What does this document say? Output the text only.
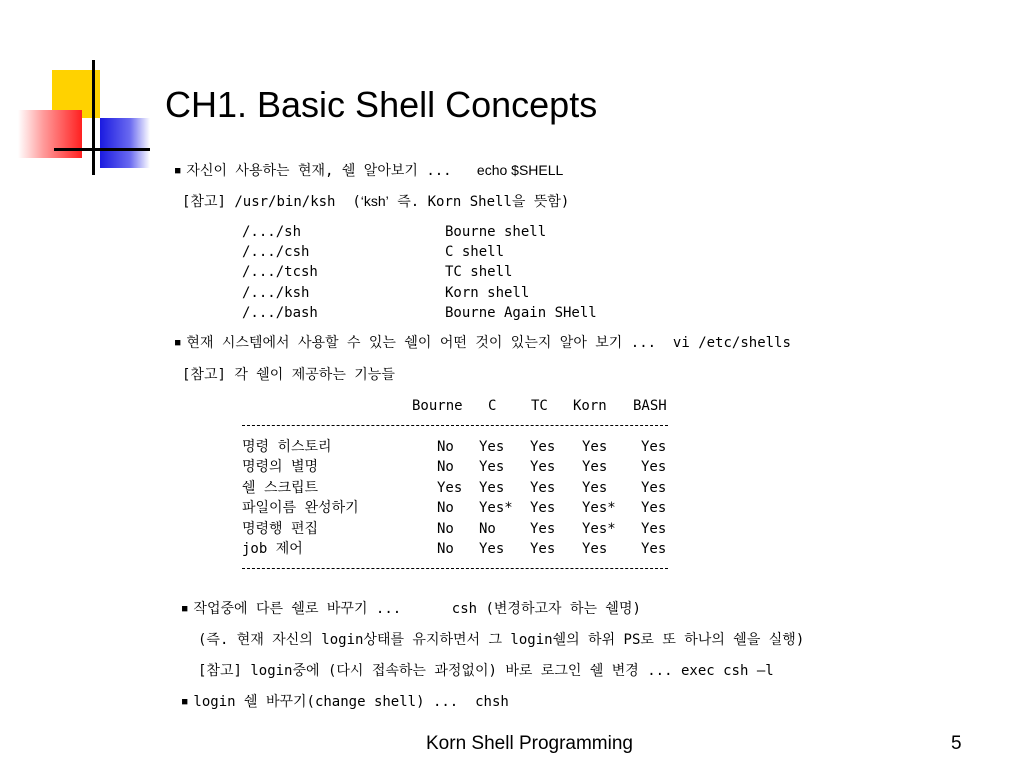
CH1. Basic Shell Concepts
■ 자신이 사용하는 현재, 쉘 알아보기 ... echo $SHELL
[참고] /usr/bin/ksh  (‘ksh’ 즉. Korn Shell을 뜻함)
/.../sh	Bourne shell
/.../csh	C shell
/.../tcsh	TC shell
/.../ksh	Korn shell
/.../bash	Bourne Again SHell
■ 현재 시스템에서 사용할 수 있는 쉘이 어떤 것이 있는지 알아 보기 ...  vi /etc/shells
[참고] 각 쉘이 제공하는 기능들
Bourne C TC Korn BASH
명령 히스토리	No Yes Yes Yes Yes
명령의 별명	No Yes Yes Yes Yes
쉘 스크립트	Yes Yes Yes Yes Yes
파일이름 완성하기	No Yes* Yes Yes* Yes
명령행 편집	No No Yes Yes* Yes
job 제어	No Yes Yes Yes Yes
■ 작업중에 다른 쉘로 바꾸기 ...	csh (변경하고자 하는 쉘명)
(즉. 현재 자신의 login상태를 유지하면서 그 login쉘의 하위 PS로 또 하나의 쉘을 실행)
[참고] login중에 (다시 접속하는 과정없이) 바로 로그인 쉘 변경 ... exec csh –l
■ login 쉘 바꾸기(change shell) ...  chsh
Korn Shell Programming	5
